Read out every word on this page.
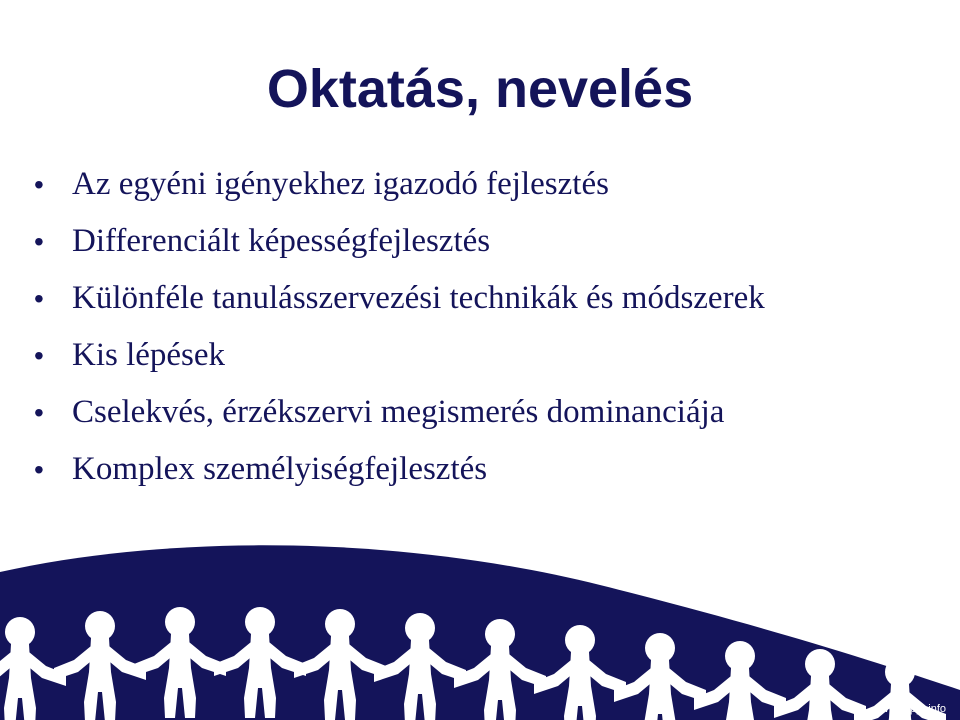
Oktatás, nevelés
• Az egyéni igényekhez igazodó fejlesztés
• Differenciált képességfejlesztés
• Különféle tanulásszervezési technikák és módszerek
• Kis lépések
• Cselekvés, érzékszervi megismerés dominanciája
• Komplex személyiségfejlesztés
www.fppt.info
